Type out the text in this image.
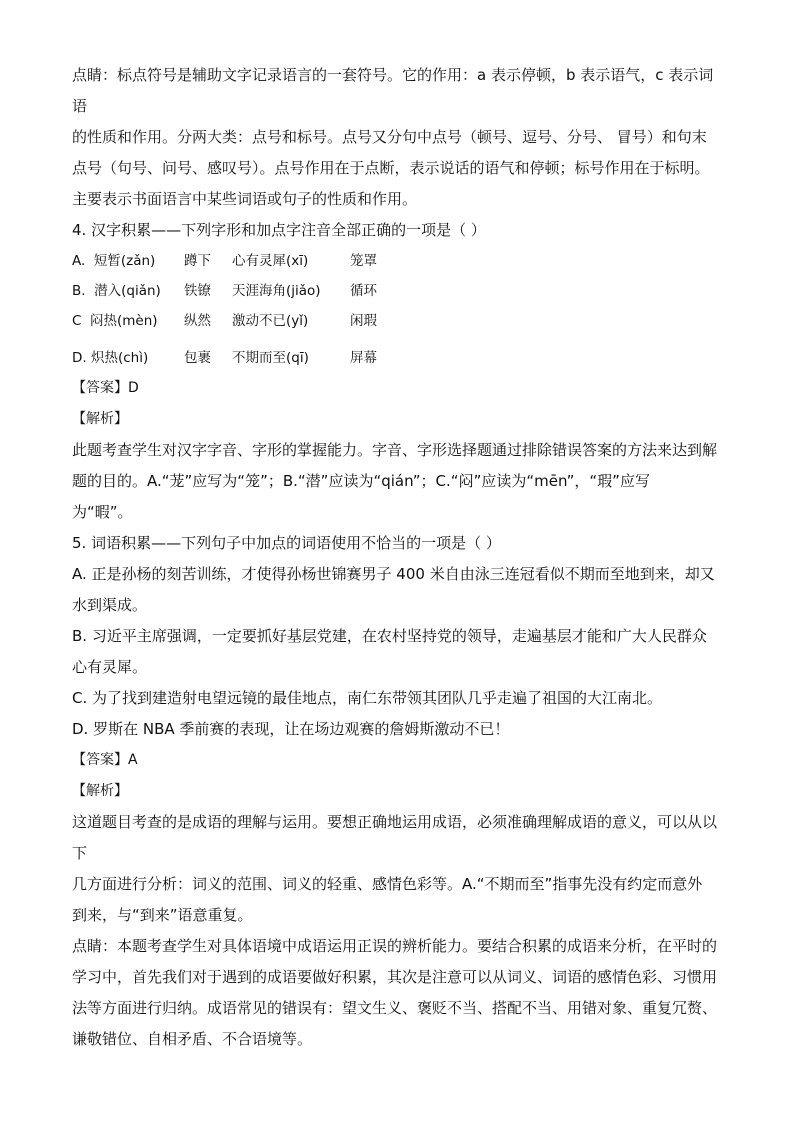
点睛：标点符号是辅助文字记录语言的一套符号。它的作用：a 表示停顿，b 表示语气，c 表示词语

的性质和作用。分两大类：点号和标号。点号又分句中点号（顿号、逗号、分号、 冒号）和句末

点号（句号、问号、感叹号）。点号作用在于点断，表示说话的语气和停顿；标号作用在于标明。

主要表示书面语言中某些词语或句子的性质和作用。

4. 汉字积累——下列字形和加点字注音全部正确的一项是（ ）

A.  短暂(zǎn)	蹲下	心有灵犀(xī)	笼罩
B.  潜入(qiǎn)	铁镣	天涯海角(jiǎo)	循环
C  闷热(mèn)	纵然	激动不已(yǐ)	闲瑕
D. 炽热(chì)	包裹	不期而至(qī)	屏幕

【答案】D

【解析】

此题考查学生对汉字字音、字形的掌握能力。字音、字形选择题通过排除错误答案的方法来达到解

题的目的。A.“茏”应写为“笼”；B.“潜”应读为“qián”；C.“闷”应读为“mēn”，“瑕”应写

为“暇”。

5. 词语积累——下列句子中加点的词语使用不恰当的一项是（ ）

A. 正是孙杨的刻苦训练，才使得孙杨世锦赛男子 400 米自由泳三连冠看似不期而至地到来，却又

水到渠成。

B. 习近平主席强调，一定要抓好基层党建，在农村坚持党的领导，走遍基层才能和广大人民群众

心有灵犀。

C. 为了找到建造射电望远镜的最佳地点，南仁东带领其团队几乎走遍了祖国的大江南北。

D. 罗斯在 NBA 季前赛的表现，让在场边观赛的詹姆斯激动不已！

【答案】A

【解析】

这道题目考查的是成语的理解与运用。要想正确地运用成语，必须准确理解成语的意义，可以从以下

几方面进行分析：词义的范围、词义的轻重、感情色彩等。A.“不期而至”指事先没有约定而意外

到来，与“到来”语意重复。

点睛：本题考查学生对具体语境中成语运用正误的辨析能力。要结合积累的成语来分析，在平时的

学习中，首先我们对于遇到的成语要做好积累，其次是注意可以从词义、词语的感情色彩、习惯用

法等方面进行归纳。成语常见的错误有：望文生义、褒贬不当、搭配不当、用错对象、重复冗赘、

谦敬错位、自相矛盾、不合语境等。
